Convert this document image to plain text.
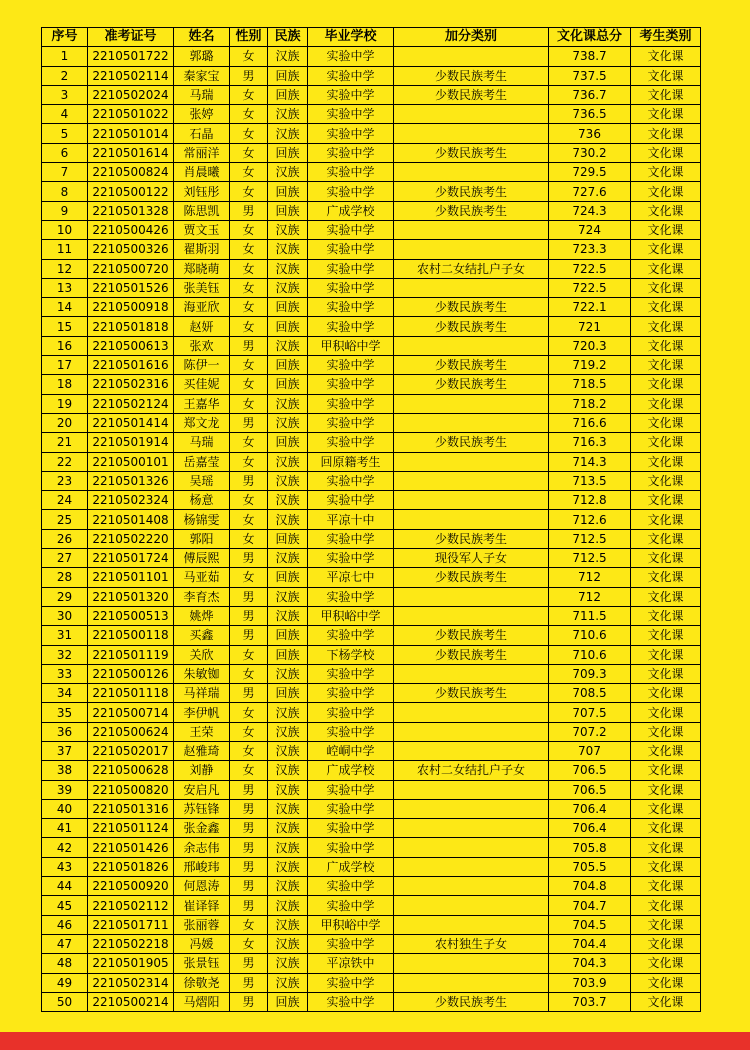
序号	准考证号	姓名	性别	民族	毕业学校	加分类别	文化课总分	考生类别
1	2210501722	郭璐	女	汉族	实验中学		738.7	文化课
2	2210502114	秦家宝	男	回族	实验中学	少数民族考生	737.5	文化课
3	2210502024	马瑞	女	回族	实验中学	少数民族考生	736.7	文化课
4	2210501022	张婷	女	汉族	实验中学		736.5	文化课
5	2210501014	石晶	女	汉族	实验中学		736	文化课
6	2210501614	常丽洋	女	回族	实验中学	少数民族考生	730.2	文化课
7	2210500824	肖晨曦	女	汉族	实验中学		729.5	文化课
8	2210500122	刘钰彤	女	回族	实验中学	少数民族考生	727.6	文化课
9	2210501328	陈思凯	男	回族	广成学校	少数民族考生	724.3	文化课
10	2210500426	贾文玉	女	汉族	实验中学		724	文化课
11	2210500326	翟斯羽	女	汉族	实验中学		723.3	文化课
12	2210500720	郑晓萌	女	汉族	实验中学	农村二女结扎户子女	722.5	文化课
13	2210501526	张美钰	女	汉族	实验中学		722.5	文化课
14	2210500918	海亚欣	女	回族	实验中学	少数民族考生	722.1	文化课
15	2210501818	赵妍	女	回族	实验中学	少数民族考生	721	文化课
16	2210500613	张欢	男	汉族	甲积峪中学		720.3	文化课
17	2210501616	陈伊一	女	回族	实验中学	少数民族考生	719.2	文化课
18	2210502316	买佳妮	女	回族	实验中学	少数民族考生	718.5	文化课
19	2210502124	王嘉华	女	汉族	实验中学		718.2	文化课
20	2210501414	郑文龙	男	汉族	实验中学		716.6	文化课
21	2210501914	马瑞	女	回族	实验中学	少数民族考生	716.3	文化课
22	2210500101	岳嘉莹	女	汉族	回原籍考生		714.3	文化课
23	2210501326	吴瑶	男	汉族	实验中学		713.5	文化课
24	2210502324	杨意	女	汉族	实验中学		712.8	文化课
25	2210501408	杨锦雯	女	汉族	平凉十中		712.6	文化课
26	2210502220	郭阳	女	回族	实验中学	少数民族考生	712.5	文化课
27	2210501724	傅辰熙	男	汉族	实验中学	现役军人子女	712.5	文化课
28	2210501101	马亚茹	女	回族	平凉七中	少数民族考生	712	文化课
29	2210501320	李育杰	男	汉族	实验中学		712	文化课
30	2210500513	姚烨	男	汉族	甲积峪中学		711.5	文化课
31	2210500118	买鑫	男	回族	实验中学	少数民族考生	710.6	文化课
32	2210501119	关欣	女	回族	下杨学校	少数民族考生	710.6	文化课
33	2210500126	朱敏铷	女	汉族	实验中学		709.3	文化课
34	2210501118	马祥瑞	男	回族	实验中学	少数民族考生	708.5	文化课
35	2210500714	李伊帆	女	汉族	实验中学		707.5	文化课
36	2210500624	王荣	女	汉族	实验中学		707.2	文化课
37	2210502017	赵雅琦	女	汉族	崆峒中学		707	文化课
38	2210500628	刘静	女	汉族	广成学校	农村二女结扎户子女	706.5	文化课
39	2210500820	安启凡	男	汉族	实验中学		706.5	文化课
40	2210501316	苏钰锋	男	汉族	实验中学		706.4	文化课
41	2210501124	张金鑫	男	汉族	实验中学		706.4	文化课
42	2210501426	余志伟	男	汉族	实验中学		705.8	文化课
43	2210501826	邢峻玮	男	汉族	广成学校		705.5	文化课
44	2210500920	何恩涛	男	汉族	实验中学		704.8	文化课
45	2210502112	崔译铎	男	汉族	实验中学		704.7	文化课
46	2210501711	张丽蓉	女	汉族	甲积峪中学		704.5	文化课
47	2210502218	冯媛	女	汉族	实验中学	农村独生子女	704.4	文化课
48	2210501905	张景钰	男	汉族	平凉铁中		704.3	文化课
49	2210502314	徐敬尧	男	汉族	实验中学		703.9	文化课
50	2210500214	马熠阳	男	回族	实验中学	少数民族考生	703.7	文化课
